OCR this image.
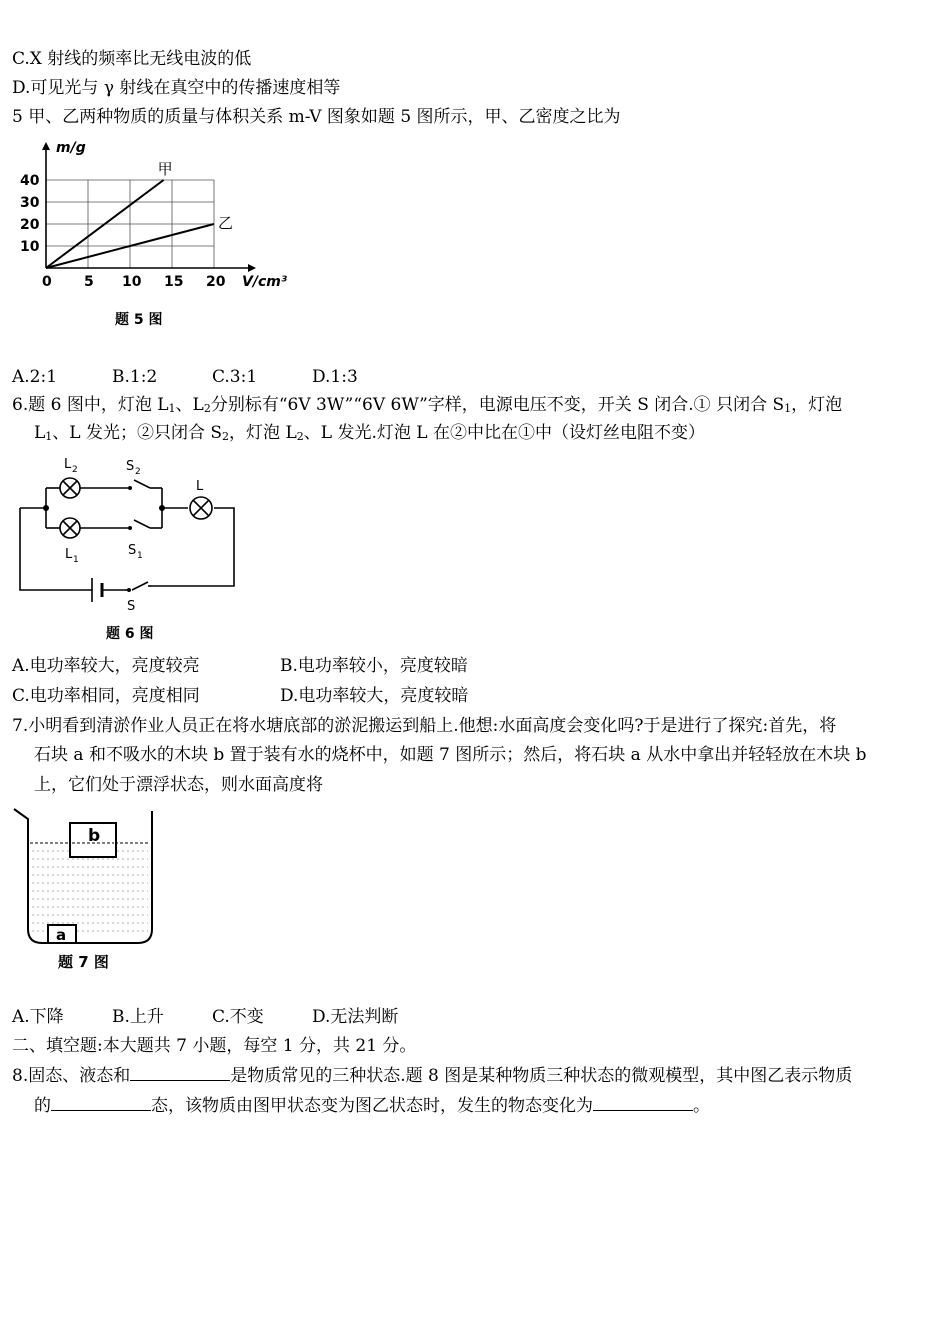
C.X 射线的频率比无线电波的低
D.可见光与 γ 射线在真空中的传播速度相等
5 甲、乙两种物质的质量与体积关系 m-V 图象如题 5 图所示，甲、乙密度之比为
40
30
20
10
0 5 10 15 20
甲
乙
m/g
V/cm³
题 5 图
A.2:1	B.1:2	C.3:1	D.1:3
6.题 6 图中，灯泡 $L_1$、$L_2$分别标有“6V 3W”“6V 6W”字样，电源电压不变，开关 S 闭合.① 只闭合 $S_1$，灯泡
$L_1$、L 发光；②只闭合 $S_2$，灯泡 $L_2$、L 发光.灯泡 L 在②中比在①中（设灯丝电阻不变）
L 2	S 2
L 1
S 1
L
S
题 6 图
A.电功率较大，亮度较亮	B.电功率较小，亮度较暗
C.电功率相同，亮度相同	D.电功率较大，亮度较暗
7.小明看到清淤作业人员正在将水塘底部的淤泥搬运到船上.他想:水面高度会变化吗?于是进行了探究:首先，将
石块 a 和不吸水的木块 b 置于装有水的烧杯中，如题 7 图所示；然后，将石块 a 从水中拿出并轻轻放在木块 b
上，它们处于漂浮状态，则水面高度将
b
a
题 7 图
A.下降	B.上升	C.不变	D.无法判断
二、填空题:本大题共 7 小题，每空 1 分，共 21 分。
8.固态、液态和	是物质常见的三种状态.题 8 图是某种物质三种状态的微观模型，其中图乙表示物质
的	态，该物质由图甲状态变为图乙状态时，发生的物态变化为	。
